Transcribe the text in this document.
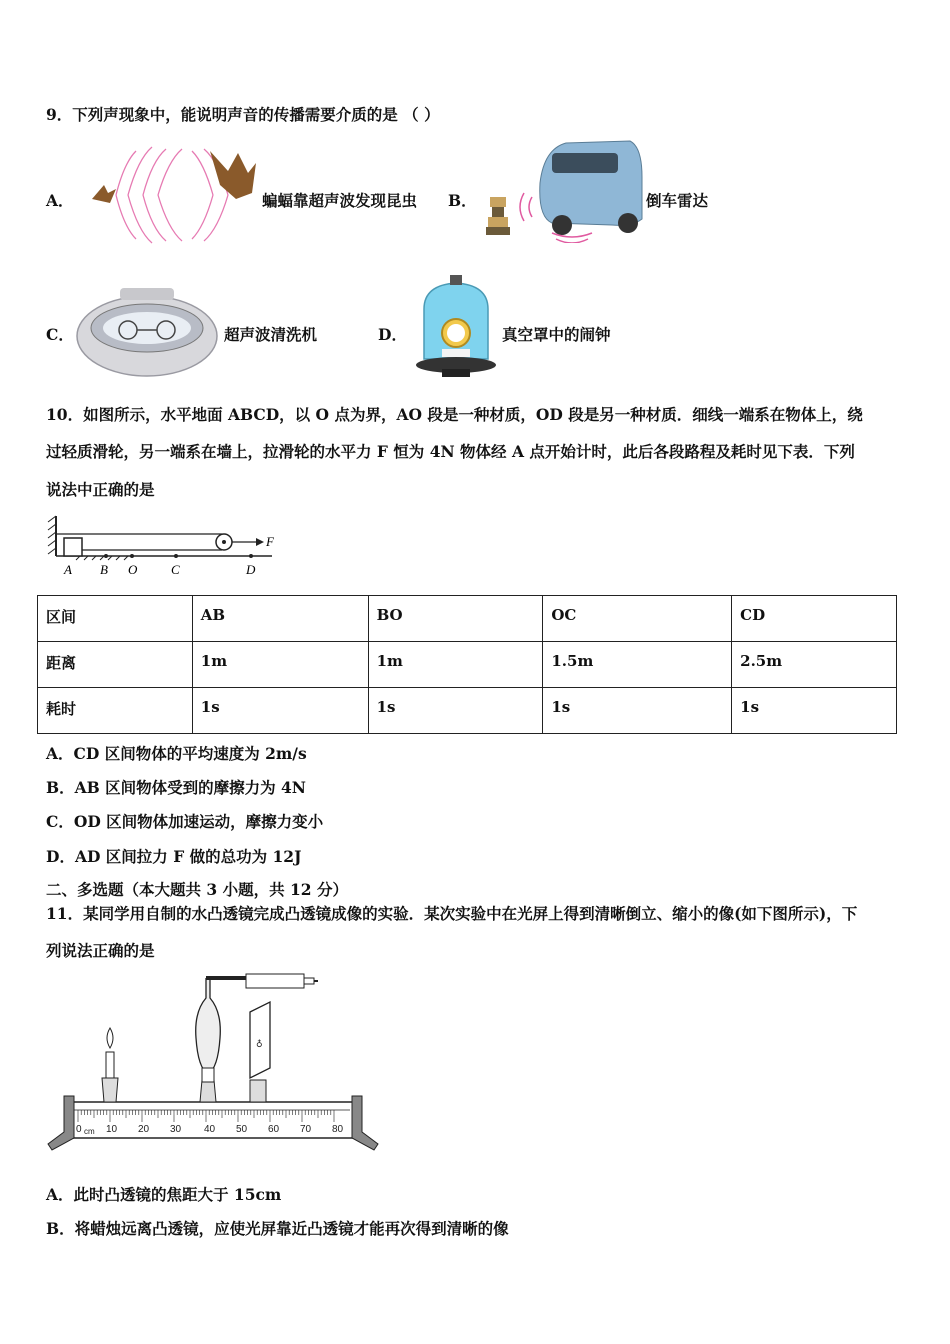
9．下列声现象中，能说明声音的传播需要介质的是 （ ）
A．	蝙蝠靠超声波发现昆虫 B．	倒车雷达
C．	超声波清洗机	D．	真空罩中的闹钟
10．如图所示，水平地面 ABCD，以 O 点为界，AO 段是一种材质，OD 段是另一种材质．细线一端系在物体上，绕
过轻质滑轮，另一端系在墙上，拉滑轮的水平力 F 恒为 4N 物体经 A 点开始计时，此后各段路程及耗时见下表．下列
说法中正确的是
F
A B O	C	D
区间	AB	BO	OC	CD
距离	1m	1m	1.5m	2.5m
耗时	1s	1s	1s	1s
A．CD 区间物体的平均速度为 2m/s
B．AB 区间物体受到的摩擦力为 4N
C．OD 区间物体加速运动，摩擦力变小
D．AD 区间拉力 F 做的总功为 12J
二、多选题（本大题共 3 小题，共 12 分）
11．某同学用自制的水凸透镜完成凸透镜成像的实验．某次实验中在光屏上得到清晰倒立、缩小的像(如下图所示)，下
列说法正确的是
0 cm 10 20 30 40 50 60 70 80
♁
A．此时凸透镜的焦距大于 15cm
B．将蜡烛远离凸透镜，应使光屏靠近凸透镜才能再次得到清晰的像
